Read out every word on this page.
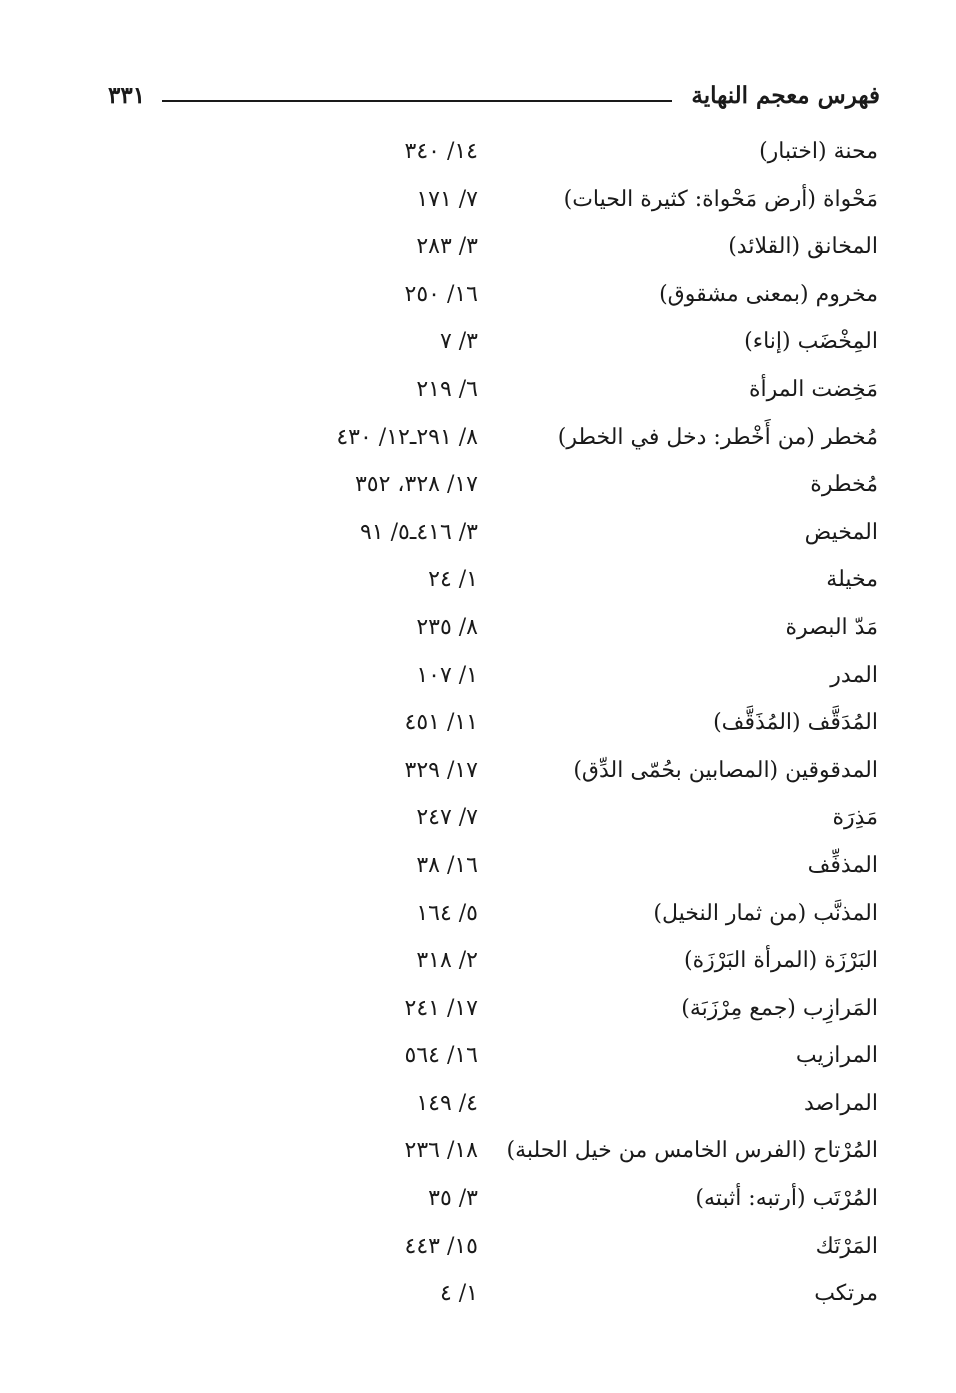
فهرس معجم النهاية
٣٣١
محنة (اختبار)
١٤/ ٣٤٠
مَحْواة (أرض مَحْواة: كثيرة الحيات)
٧/ ١٧١
المخانق (القلائد)
٣/ ٢٨٣
مخروم (بمعنى مشقوق)
١٦/ ٢٥٠
المِخْضَب (إناء)
٣/ ٧
مَخِضت المرأة
٦/ ٢١٩
مُخطر (من أَخْطر: دخل في الخطر)
٨/ ٢٩١ـ١٢/ ٤٣٠
مُخطرة
١٧/ ٣٢٨، ٣٥٢
المخيض
٣/ ٤١٦ـ٥/ ٩١
مخيلة
١/ ٢٤
مَدّ البصرة
٨/ ٢٣٥
المدر
١/ ١٠٧
المُدَقَّف (المُذَقَّف)
١١/ ٤٥١
المدقوقين (المصابين بحُمّى الدِّق)
١٧/ ٣٢٩
مَذِرَة
٧/ ٢٤٧
المذفِّف
١٦/ ٣٨
المذنَّب (من ثمار النخيل)
٥/ ١٦٤
البَرْزَة (المرأة البَرْزَة)
٢/ ٣١٨
المَرازِب (جمع مِرْزَبَة)
١٧/ ٢٤١
المرازيب
١٦/ ٥٦٤
المراصد
٤/ ١٤٩
المُرْتاح (الفرس الخامس من خيل الحلبة)
١٨/ ٢٣٦
المُرْتَب (أرتبه: أثبته)
٣/ ٣٥
المَرْتَك
١٥/ ٤٤٣
مرتكب
١/ ٤
